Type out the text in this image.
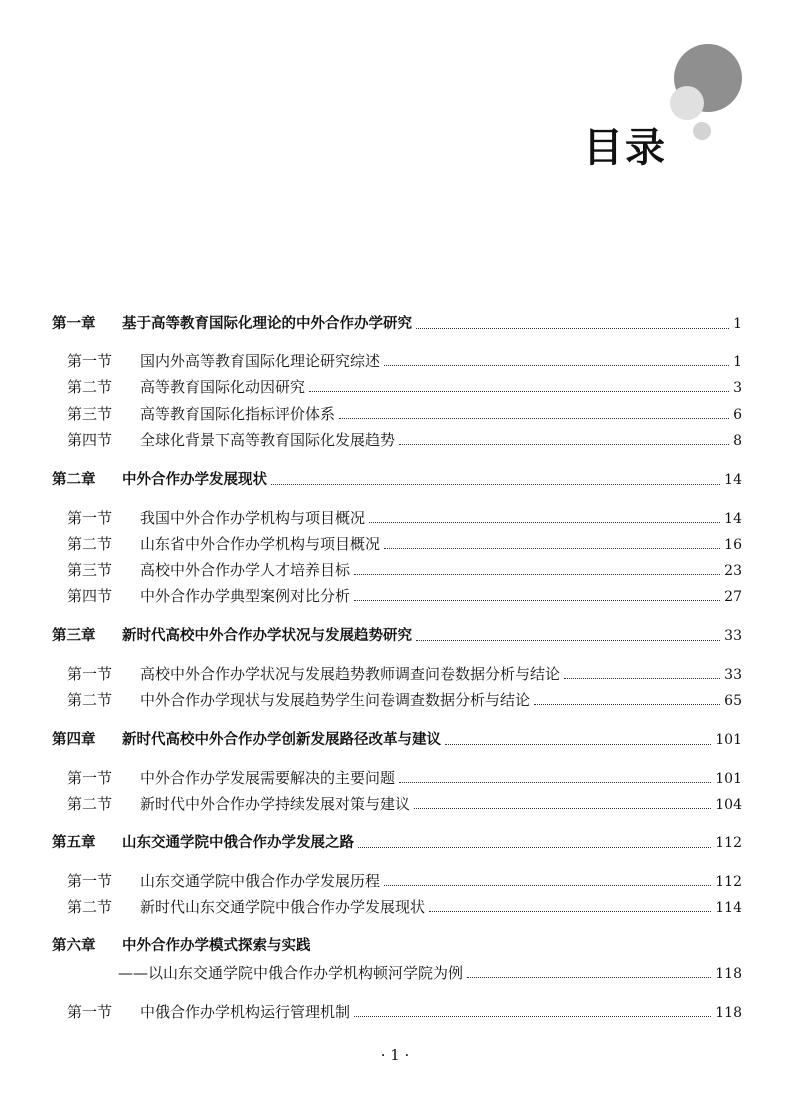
目录
第一章	基于高等教育国际化理论的中外合作办学研究	1
第一节	国内外高等教育国际化理论研究综述	1
第二节	高等教育国际化动因研究	3
第三节	高等教育国际化指标评价体系	6
第四节	全球化背景下高等教育国际化发展趋势	8
第二章	中外合作办学发展现状	14
第一节	我国中外合作办学机构与项目概况	14
第二节	山东省中外合作办学机构与项目概况	16
第三节	高校中外合作办学人才培养目标	23
第四节	中外合作办学典型案例对比分析	27
第三章	新时代高校中外合作办学状况与发展趋势研究	33
第一节	高校中外合作办学状况与发展趋势教师调查问卷数据分析与结论	33
第二节	中外合作办学现状与发展趋势学生问卷调查数据分析与结论	65
第四章	新时代高校中外合作办学创新发展路径改革与建议	101
第一节	中外合作办学发展需要解决的主要问题	101
第二节	新时代中外合作办学持续发展对策与建议	104
第五章	山东交通学院中俄合作办学发展之路	112
第一节	山东交通学院中俄合作办学发展历程	112
第二节	新时代山东交通学院中俄合作办学发展现状	114
第六章	中外合作办学模式探索与实践
——以山东交通学院中俄合作办学机构顿河学院为例	118
第一节	中俄合作办学机构运行管理机制	118
· 1 ·
